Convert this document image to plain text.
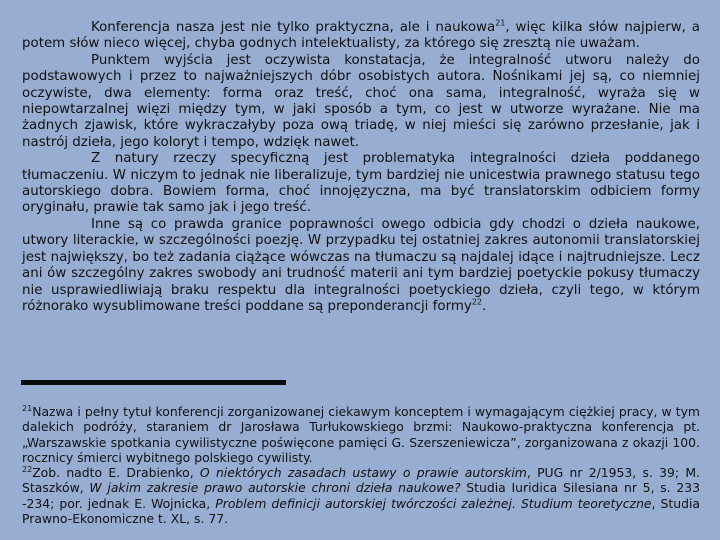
Konferencja nasza jest nie tylko praktyczna, ale i naukowa$^{21}$, więc kilka słów najpierw, a potem słów nieco więcej, chyba godnych intelektualisty, za którego się zresztą nie uważam.

Punktem wyjścia jest oczywista konstatacja, że integralność utworu należy do podstawowych i przez to najważniejszych dóbr osobistych autora. Nośnikami jej są, co niemniej oczywiste, dwa elementy: forma oraz treść, choć ona sama, integralność, wyraża się w niepowtarzalnej więzi między tym, w jaki sposób a tym, co jest w utworze wyrażane. Nie ma żadnych zjawisk, które wykraczałyby poza ową triadę, w niej mieści się zarówno przesłanie, jak i nastrój dzieła, jego koloryt i tempo, wdzięk nawet.

Z natury rzeczy specyficzną jest problematyka integralności dzieła poddanego tłumaczeniu. W niczym to jednak nie liberalizuje, tym bardziej nie unicestwia prawnego statusu tego autorskiego dobra. Bowiem forma, choć innojęzyczna, ma być translatorskim odbiciem formy oryginału, prawie tak samo jak i jego treść.

Inne są co prawda granice poprawności owego odbicia gdy chodzi o dzieła naukowe, utwory literackie, w szczególności poezję. W przypadku tej ostatniej zakres autonomii translatorskiej jest największy, bo też zadania ciążące wówczas na tłumaczu są najdalej idące i najtrudniejsze. Lecz ani ów szczególny zakres swobody ani trudność materii ani tym bardziej poetyckie pokusy tłumaczy nie usprawiedliwiają braku respektu dla integralności poetyckiego dzieła, czyli tego, w którym różnorako wysublimowane treści poddane są preponderancji formy$^{22}$.

$^{21}$Nazwa i pełny tytuł konferencji zorganizowanej ciekawym konceptem i wymagającym ciężkiej pracy, w tym dalekich podróży, staraniem dr Jarosława Turłukowskiego brzmi: Naukowo-praktyczna konferencja pt. „Warszawskie spotkania cywilistyczne poświęcone pamięci G. Szerszeniewicza”, zorganizowana z okazji 100. rocznicy śmierci wybitnego polskiego cywilisty.

$^{22}$Zob. nadto E. Drabienko, O niektórych zasadach ustawy o prawie autorskim, PUG nr 2/1953, s. 39; M. Staszków, W jakim zakresie prawo autorskie chroni dzieła naukowe? Studia Iuridica Silesiana nr 5, s. 233 -234; por. jednak E. Wojnicka, Problem definicji autorskiej twórczości zależnej. Studium teoretyczne, Studia Prawno-Ekonomiczne t. XL, s. 77.
